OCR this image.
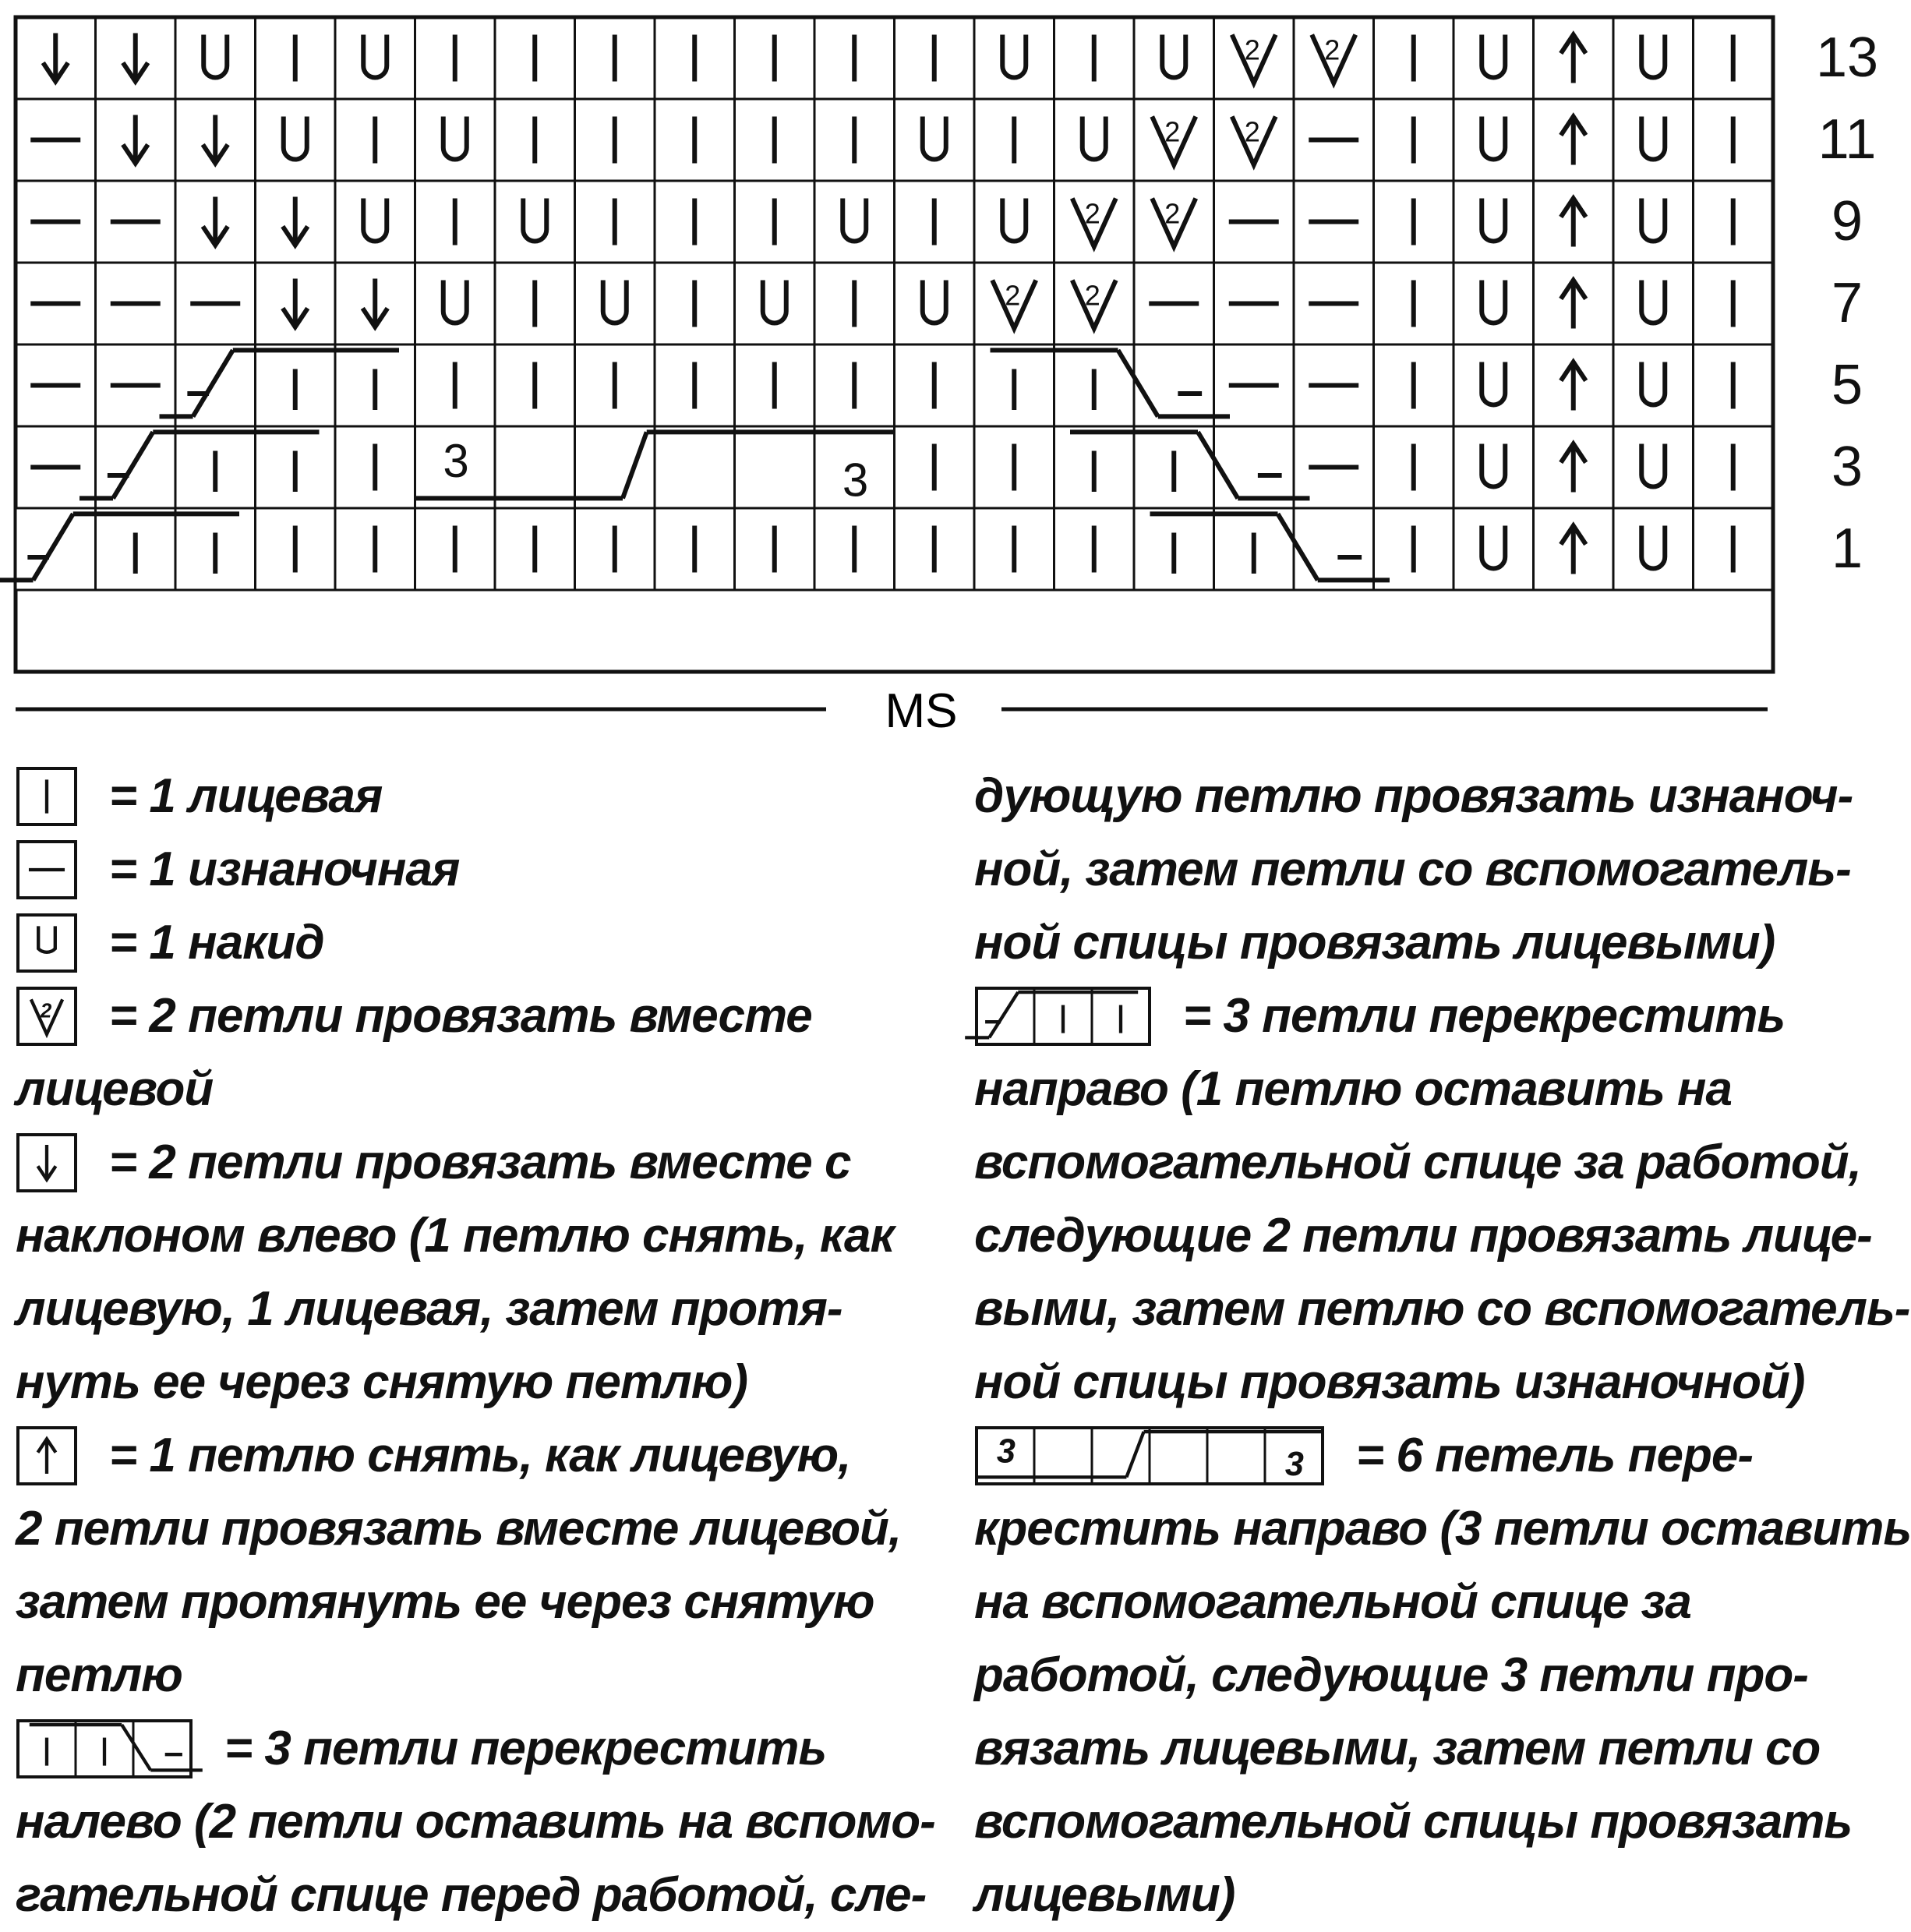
2 2
2 2
2 2
2 2
3	3
13
11
9
7
5
3
1
MS
= 1 лицевая
= 1 изнаночная
= 1 накид
2 = 2 петли провязать вместе
лицевой
= 2 петли провязать вместе с
наклоном влево (1 петлю снять, как
лицевую, 1 лицевая, затем протя-
нуть ее через снятую петлю)
= 1 петлю снять, как лицевую,
2 петли провязать вместе лицевой,
затем протянуть ее через снятую
петлю
= 3 петли перекрестить
налево (2 петли оставить на вспомо-
гательной спице перед работой, сле-
дующую петлю провязать изнаноч-
ной, затем петли со вспомогатель-
ной спицы провязать лицевыми)
= 3 петли перекрестить
направо (1 петлю оставить на
вспомогательной спице за работой,
следующие 2 петли провязать лице-
выми, затем петлю со вспомогатель-
ной спицы провязать изнаночной)
3	3 = 6 петель пере-
крестить направо (3 петли оставить
на вспомогательной спице за
работой, следующие 3 петли про-
вязать лицевыми, затем петли со
вспомогательной спицы провязать
лицевыми)
